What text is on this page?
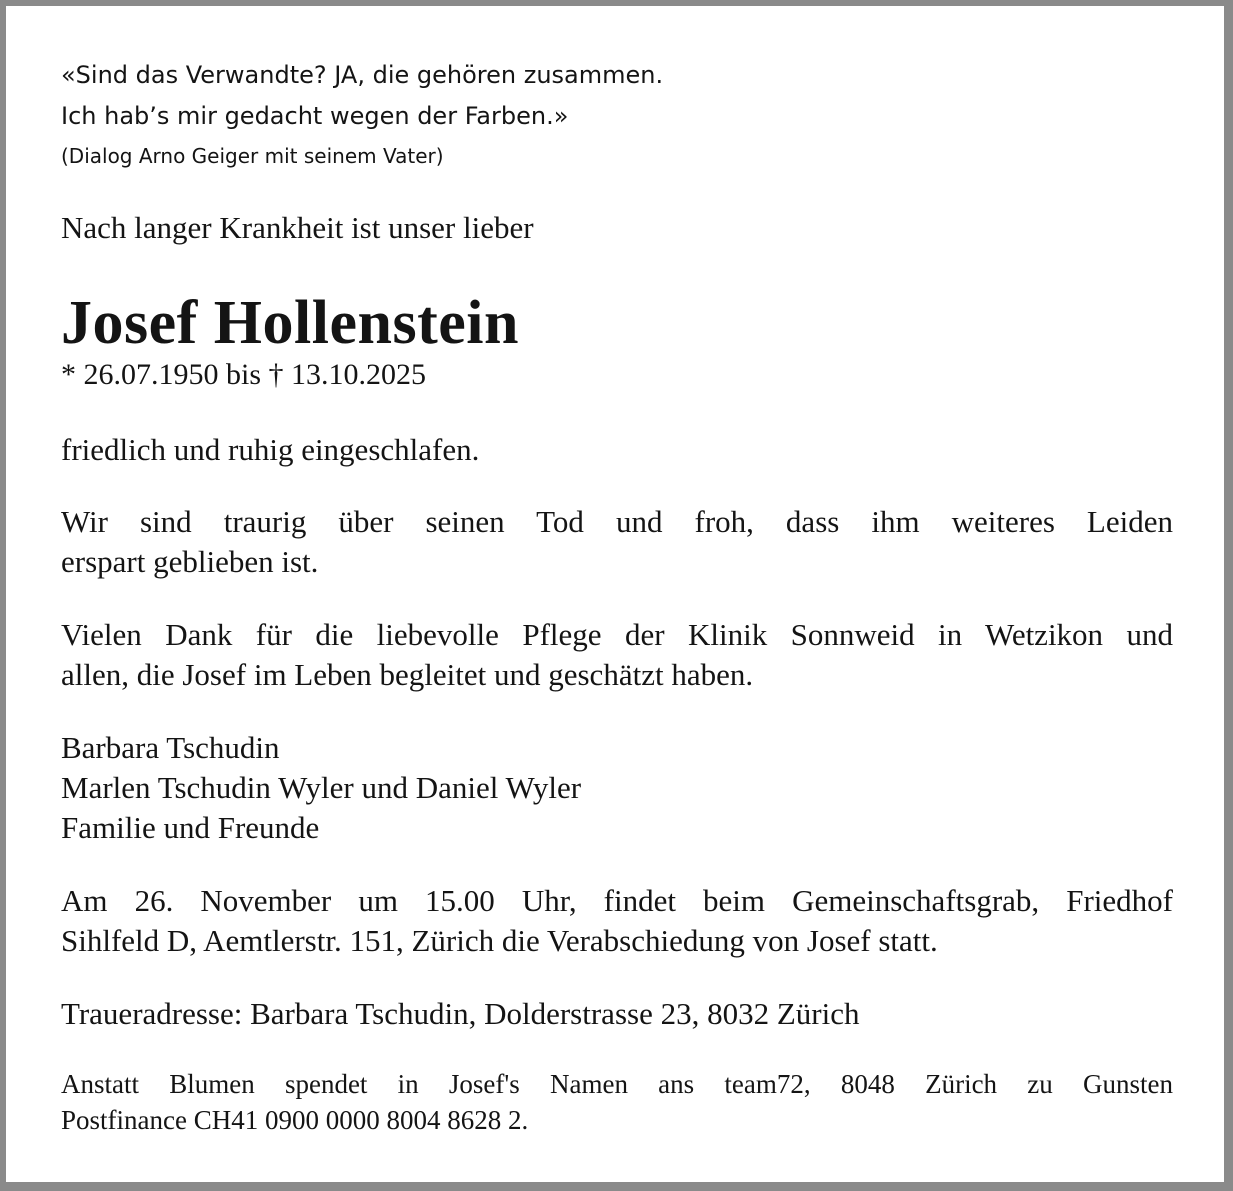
«Sind das Verwandte? JA, die gehören zusammen.
Ich hab’s mir gedacht wegen der Farben.»
(Dialog Arno Geiger mit seinem Vater)
Nach langer Krankheit ist unser lieber
Josef Hollenstein
* 26.07.1950 bis † 13.10.2025
friedlich und ruhig eingeschlafen.
Wir sind traurig über seinen Tod und froh, dass ihm weiteres Leiden
erspart geblieben ist.
Vielen Dank für die liebevolle Pflege der Klinik Sonnweid in Wetzikon und
allen, die Josef im Leben begleitet und geschätzt haben.
Barbara Tschudin
Marlen Tschudin Wyler und Daniel Wyler
Familie und Freunde
Am 26. November um 15.00 Uhr, findet beim Gemeinschaftsgrab, Friedhof
Sihlfeld D, Aemtlerstr. 151, Zürich die Verabschiedung von Josef statt.
Traueradresse: Barbara Tschudin, Dolderstrasse 23, 8032 Zürich
Anstatt Blumen spendet in Josef's Namen ans team72, 8048 Zürich zu Gunsten
Postfinance CH41 0900 0000 8004 8628 2.
